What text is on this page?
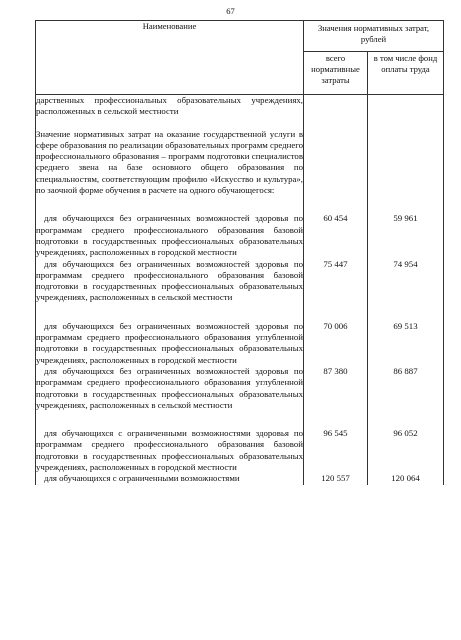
67
Наименование	Значения нормативных затрат, рублей	
	всего нормативные затраты	в том числе фонд оплаты труда
дарственных профессиональных образовательных учреждениях, расположенных в сельской местности		

Значение нормативных затрат на оказание государственной услуги в сфере образования по реализации образовательных программ среднего профессионального образования – программ подготовки специалистов среднего звена на базе основного общего образования по специальностям, соответствующим профилю «Искусство и культура», по заочной форме обучения в расчете на одного обучающегося:		

для обучающихся без ограниченных возможностей здоровья по программам среднего профессионального образования базовой подготовки в государственных профессиональных образовательных учреждениях, расположенных в городской местности	60 454	59 961
для обучающихся без ограниченных возможностей здоровья по программам среднего профессионального образования базовой подготовки в государственных профессиональных образовательных учреждениях, расположенных в сельской местности	75 447	74 954

для обучающихся без ограниченных возможностей здоровья по программам среднего профессионального образования углубленной подготовки в государственных профессиональных образовательных учреждениях, расположенных в городской местности	70 006	69 513
для обучающихся без ограниченных возможностей здоровья по программам среднего профессионального образования углубленной подготовки в государственных профессиональных образовательных учреждениях, расположенных в сельской местности	87 380	86 887

для обучающихся с ограниченными возможностями здоровья по программам среднего профессионального образования базовой подготовки в государственных профессиональных образовательных учреждениях, расположенных в городской местности	96 545	96 052
для обучающихся с ограниченными возможностями	120 557	120 064
